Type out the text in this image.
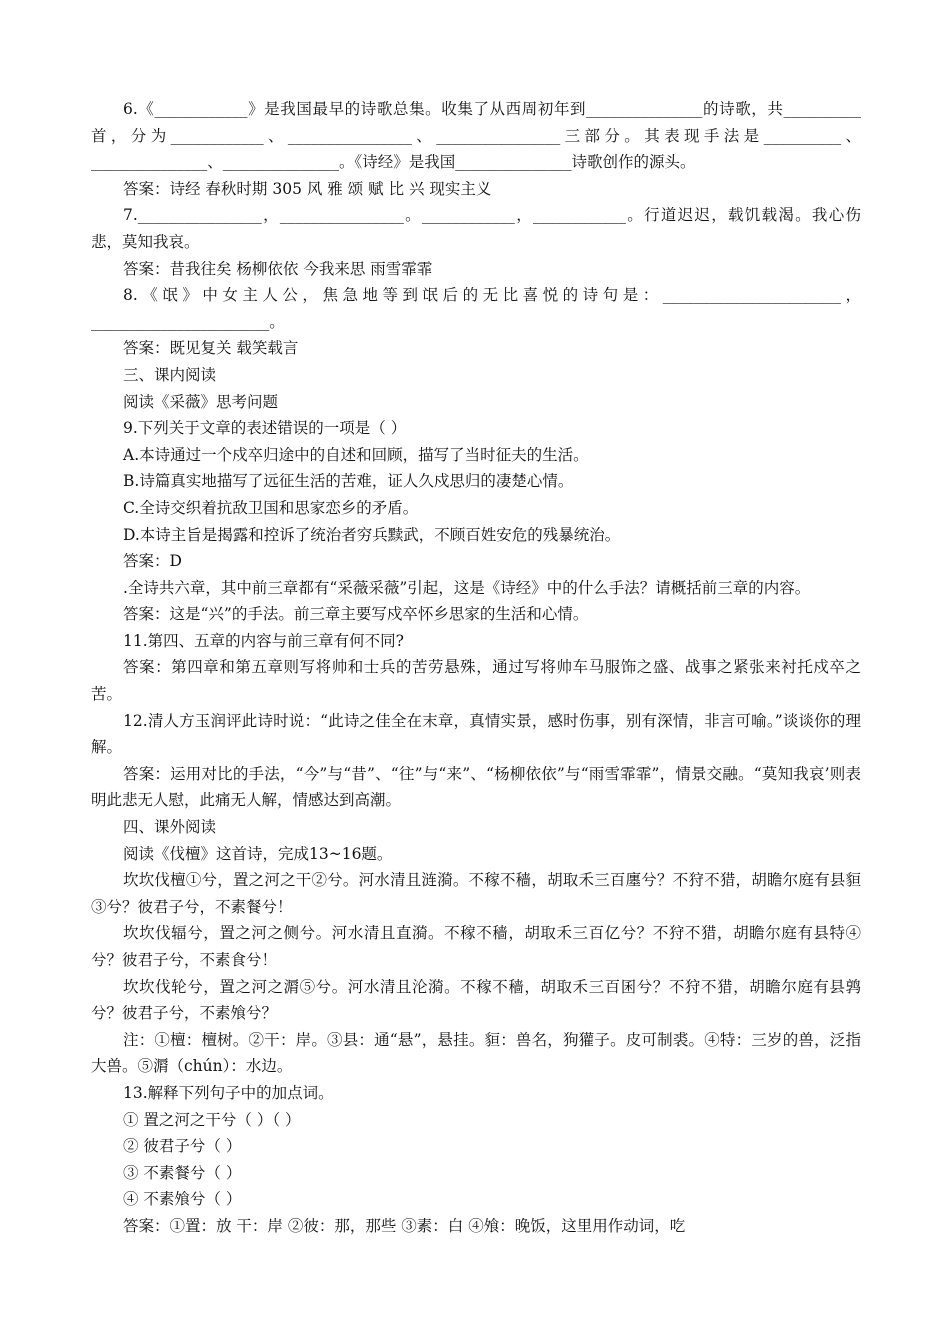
6.《____________》是我国最早的诗歌总集。收集了从西周初年到_______________的诗歌，共__________首，分为____________、________________、________________三部分。其表现手法是__________、_______________、_______________。《诗经》是我国_______________诗歌创作的源头。

答案：诗经 春秋时期 305 风 雅 颂 赋 比 兴 现实主义

7.________________，________________。____________，____________。行道迟迟，载饥载渴。我心伤悲，莫知我哀。

答案：昔我往矣 杨柳依依 今我来思 雨雪霏霏

8.《氓》中女主人公，焦急地等到氓后的无比喜悦的诗句是：_______________________，_______________________。

答案：既见复关 载笑载言

三、课内阅读

阅读《采薇》思考问题

9.下列关于文章的表述错误的一项是（ ）

A.本诗通过一个戍卒归途中的自述和回顾，描写了当时征夫的生活。

B.诗篇真实地描写了远征生活的苦难，证人久戍思归的凄楚心情。

C.全诗交织着抗敌卫国和思家恋乡的矛盾。

D.本诗主旨是揭露和控诉了统治者穷兵黩武，不顾百姓安危的残暴统治。

答案：D

.全诗共六章，其中前三章都有“采薇采薇”引起，这是《诗经》中的什么手法？请概括前三章的内容。

答案：这是“兴”的手法。前三章主要写戍卒怀乡思家的生活和心情。

11.第四、五章的内容与前三章有何不同?

答案：第四章和第五章则写将帅和士兵的苦劳悬殊，通过写将帅车马服饰之盛、战事之紧张来衬托戍卒之苦。

12.清人方玉润评此诗时说：“此诗之佳全在末章，真情实景，感时伤事，别有深情，非言可喻。”谈谈你的理解。

答案：运用对比的手法，“今”与“昔”、“往”与“来”、“杨柳依依”与“雨雪霏霏”，情景交融。“莫知我哀’则表明此悲无人慰，此痛无人解，情感达到高潮。

四、课外阅读

阅读《伐檀》这首诗，完成13~16题。

坎坎伐檀①兮，置之河之干②兮。河水清且涟漪。不稼不穑，胡取禾三百廛兮？不狩不猎，胡瞻尔庭有县貆③兮？彼君子兮，不素餐兮！

坎坎伐辐兮，置之河之侧兮。河水清且直漪。不稼不穑，胡取禾三百亿兮？不狩不猎，胡瞻尔庭有县特④兮？彼君子兮，不素食兮！

坎坎伐轮兮，置之河之漘⑤兮。河水清且沦漪。不稼不穑，胡取禾三百囷兮？不狩不猎，胡瞻尔庭有县鹑兮？彼君子兮，不素飧兮？

注：①檀：檀树。②干：岸。③县：通“悬”，悬挂。貆：兽名，狗獾子。皮可制裘。④特：三岁的兽，泛指大兽。⑤漘（chún）：水边。

13.解释下列句子中的加点词。

① 置之河之干兮（ ）（ ）

② 彼君子兮（ ）

③ 不素餐兮（ ）

④ 不素飧兮（ ）

答案：①置：放 干：岸 ②彼：那，那些 ③素：白 ④飧：晚饭，这里用作动词，吃
